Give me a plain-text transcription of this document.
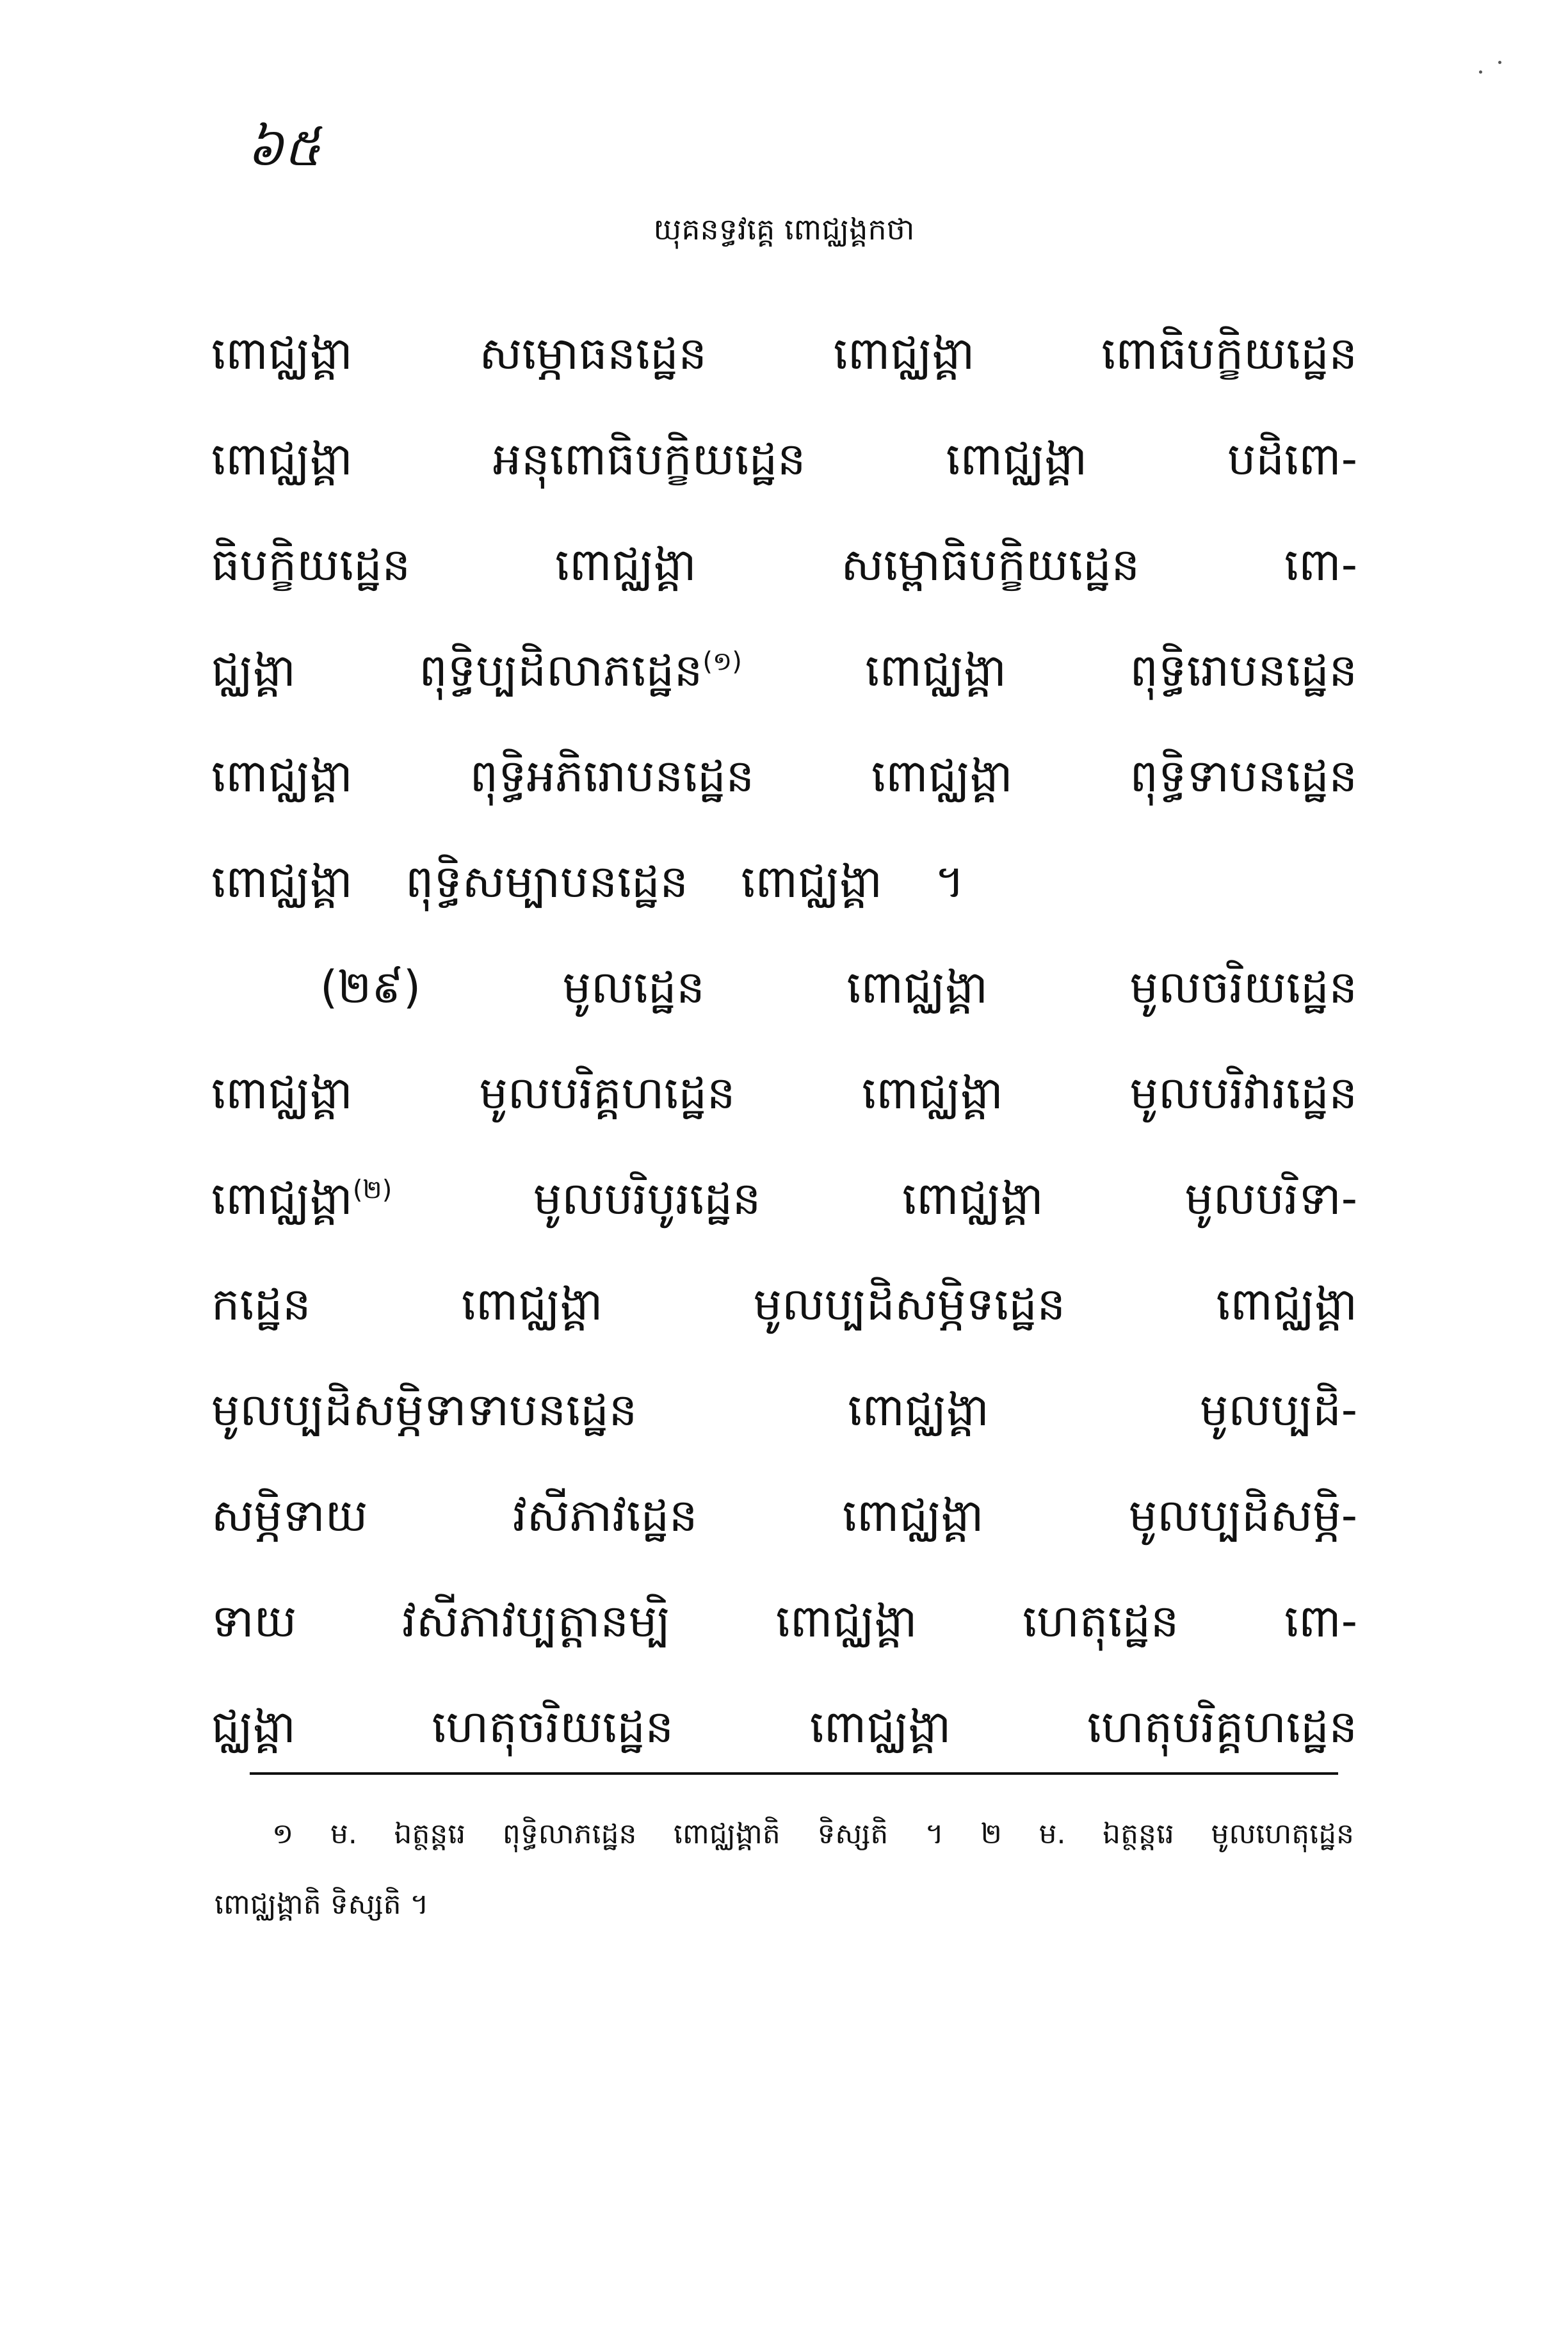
៦៥
យុគនទ្ធវគ្គេ ពោជ្ឈង្គកថា
ពោជ្ឈង្គា សម្ភោធនដ្ឋេន ពោជ្ឈង្គា ពោធិបក្ខិយដ្ឋេន
ពោជ្ឈង្គា អនុពោធិបក្ខិយដ្ឋេន ពោជ្ឈង្គា បដិពោ-
ធិបក្ខិយដ្ឋេន ពោជ្ឈង្គា សម្ពោធិបក្ខិយដ្ឋេន ពោ-
ជ្ឈង្គា ពុទ្ធិប្បដិលាភដ្ឋេន$^{(១)}$	ពោជ្ឈង្គា ពុទ្ធិរោបនដ្ឋេន
ពោជ្ឈង្គា ពុទ្ធិអភិរោបនដ្ឋេន ពោជ្ឈង្គា ពុទ្ធិទាបនដ្ឋេន
ពោជ្ឈង្គា ពុទ្ធិសម្បាបនដ្ឋេន ពោជ្ឈង្គា ។
(២៩) មូលដ្ឋេន ពោជ្ឈង្គា មូលចរិយដ្ឋេន
ពោជ្ឈង្គា មូលបរិគ្គហដ្ឋេន ពោជ្ឈង្គា មូលបរិវារដ្ឋេន
ពោជ្ឈង្គា$^{(២)}$	មូលបរិបូរដ្ឋេន ពោជ្ឈង្គា មូលបរិទា-
កដ្ឋេន ពោជ្ឈង្គា មូលប្បដិសម្ភិទដ្ឋេន ពោជ្ឈង្គា
មូលប្បដិសម្ភិទាទាបនដ្ឋេន ពោជ្ឈង្គា មូលប្បដិ-
សម្ភិទាយ វសីភាវដ្ឋេន ពោជ្ឈង្គា មូលប្បដិសម្ភិ-
ទាយ វសីភាវប្បត្តានម្បិ ពោជ្ឈង្គា ហេតុដ្ឋេន ពោ-
ជ្ឈង្គា ហេតុចរិយដ្ឋេន ពោជ្ឈង្គា ហេតុបរិគ្គហដ្ឋេន
១ ម. ឯត្ថន្តរេ ពុទ្ធិលាភដ្ឋេន ពោជ្ឈង្គាតិ ទិស្សតិ ។ ២ ម. ឯត្ថន្តរេ មូលហេតុដ្ឋេន
ពោជ្ឈង្គាតិ ទិស្សតិ ។
